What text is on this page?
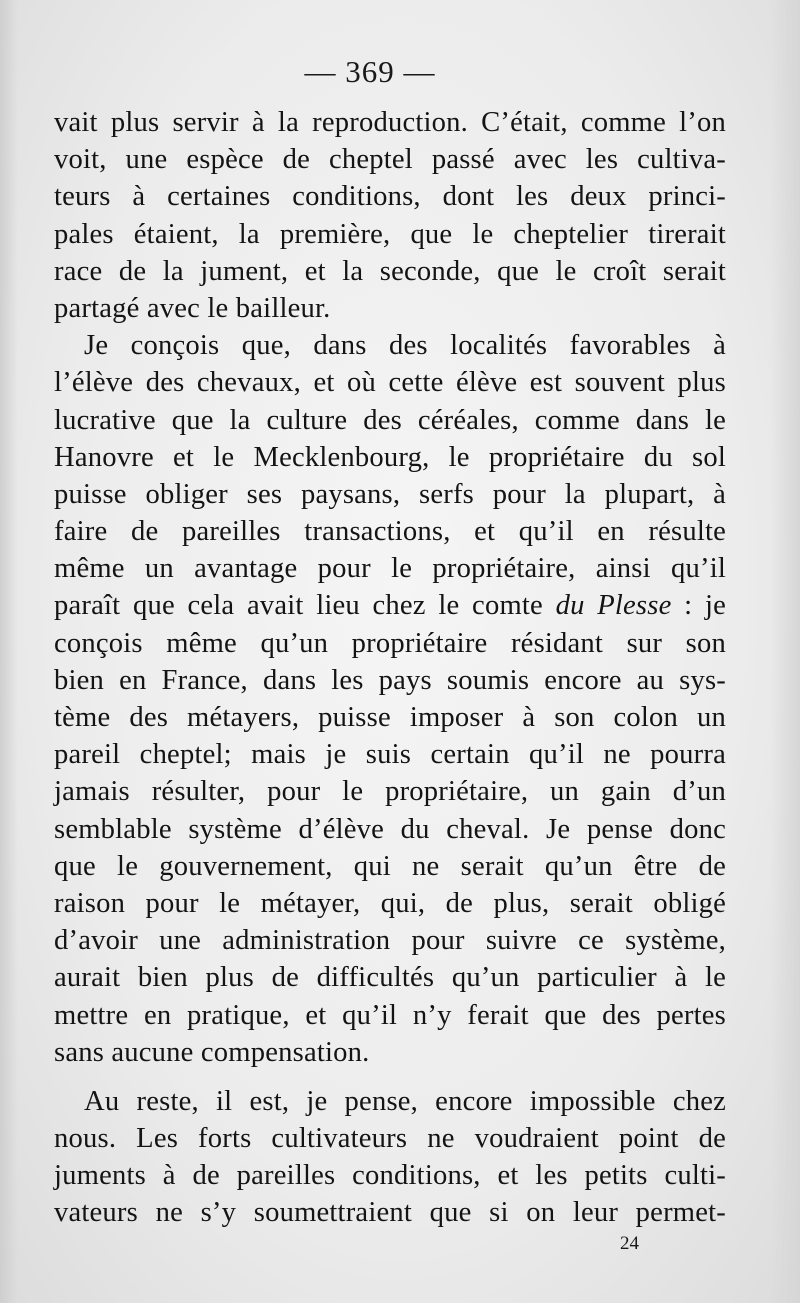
— 369 —
vait plus servir à la reproduction. C’était, comme l’on
voit, une espèce de cheptel passé avec les cultiva-
teurs à certaines conditions, dont les deux princi-
pales étaient, la première, que le cheptelier tirerait
race de la jument, et la seconde, que le croît serait
partagé avec le bailleur.
Je conçois que, dans des localités favorables à
l’élève des chevaux, et où cette élève est souvent plus
lucrative que la culture des céréales, comme dans le
Hanovre et le Mecklenbourg, le propriétaire du sol
puisse obliger ses paysans, serfs pour la plupart, à
faire de pareilles transactions, et qu’il en résulte
même un avantage pour le propriétaire, ainsi qu’il
paraît que cela avait lieu chez le comte du Plesse : je
conçois même qu’un propriétaire résidant sur son
bien en France, dans les pays soumis encore au sys-
tème des métayers, puisse imposer à son colon un
pareil cheptel; mais je suis certain qu’il ne pourra
jamais résulter, pour le propriétaire, un gain d’un
semblable système d’élève du cheval. Je pense donc
que le gouvernement, qui ne serait qu’un être de
raison pour le métayer, qui, de plus, serait obligé
d’avoir une administration pour suivre ce système,
aurait bien plus de difficultés qu’un particulier à le
mettre en pratique, et qu’il n’y ferait que des pertes
sans aucune compensation.
Au reste, il est, je pense, encore impossible chez
nous. Les forts cultivateurs ne voudraient point de
juments à de pareilles conditions, et les petits culti-
vateurs ne s’y soumettraient que si on leur permet-
24
